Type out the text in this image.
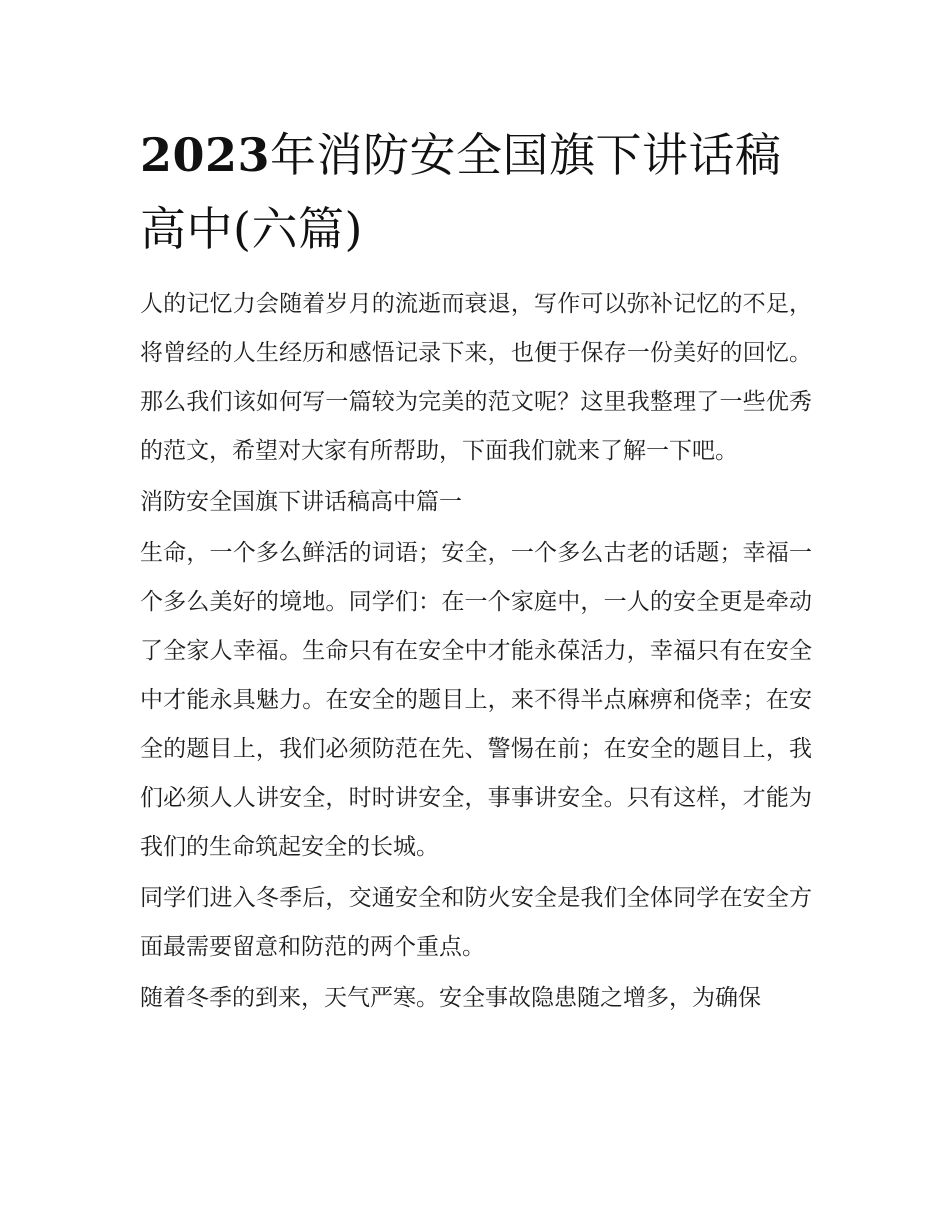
2023年消防安全国旗下讲话稿
高中(六篇)

人的记忆力会随着岁月的流逝而衰退，写作可以弥补记忆的不足，将曾经的人生经历和感悟记录下来，也便于保存一份美好的回忆。那么我们该如何写一篇较为完美的范文呢？这里我整理了一些优秀的范文，希望对大家有所帮助，下面我们就来了解一下吧。

消防安全国旗下讲话稿高中篇一

生命，一个多么鲜活的词语；安全，一个多么古老的话题；幸福一个多么美好的境地。同学们：在一个家庭中，一人的安全更是牵动了全家人幸福。生命只有在安全中才能永葆活力，幸福只有在安全中才能永具魅力。在安全的题目上，来不得半点麻痹和侥幸；在安全的题目上，我们必须防范在先、警惕在前；在安全的题目上，我们必须人人讲安全，时时讲安全，事事讲安全。只有这样，才能为我们的生命筑起安全的长城。

同学们进入冬季后，交通安全和防火安全是我们全体同学在安全方面最需要留意和防范的两个重点。

随着冬季的到来，天气严寒。安全事故隐患随之增多，为确保
